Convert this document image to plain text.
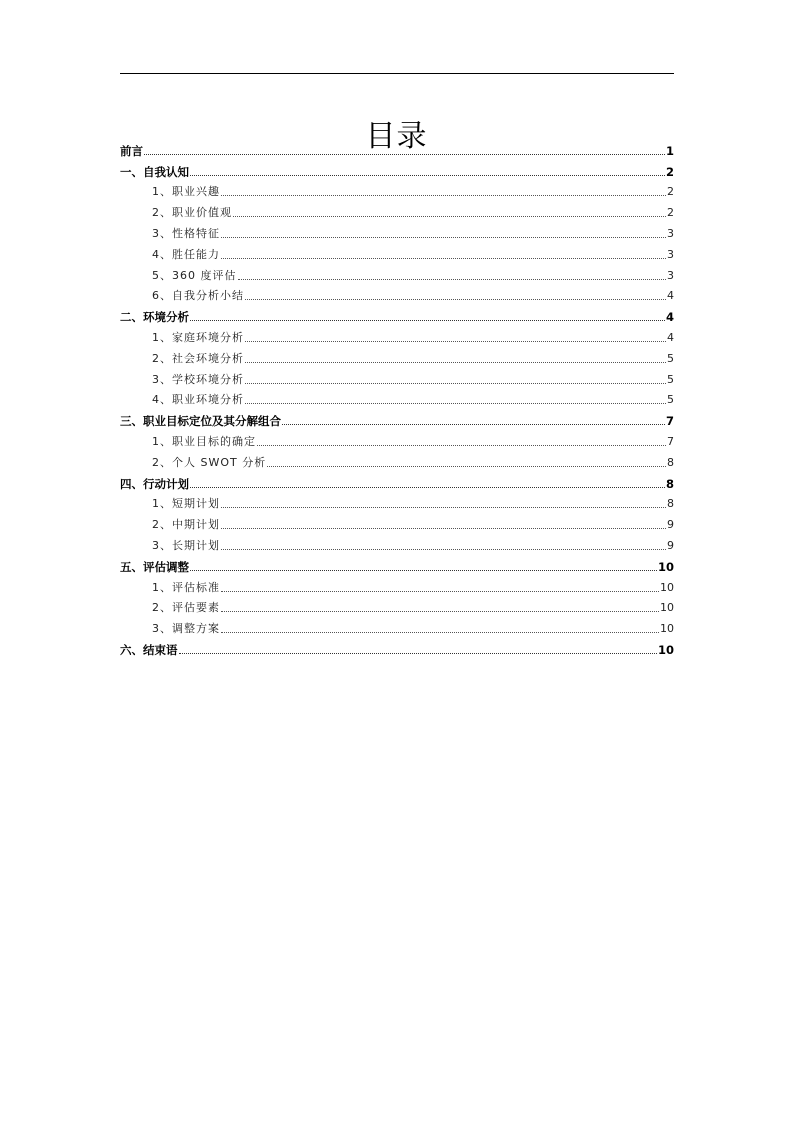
目录
前言	1
一、自我认知	2
1、职业兴趣	2
2、职业价值观	2
3、性格特征	3
4、胜任能力	3
5、360 度评估	3
6、自我分析小结	4
二、环境分析	4
1、家庭环境分析	4
2、社会环境分析	5
3、学校环境分析	5
4、职业环境分析	5
三、职业目标定位及其分解组合	7
1、职业目标的确定	7
2、个人 SWOT 分析	8
四、行动计划	8
1、短期计划	8
2、中期计划	9
3、长期计划	9
五、评估调整	10
1、评估标准	10
2、评估要素	10
3、调整方案	10
六、结束语	10
